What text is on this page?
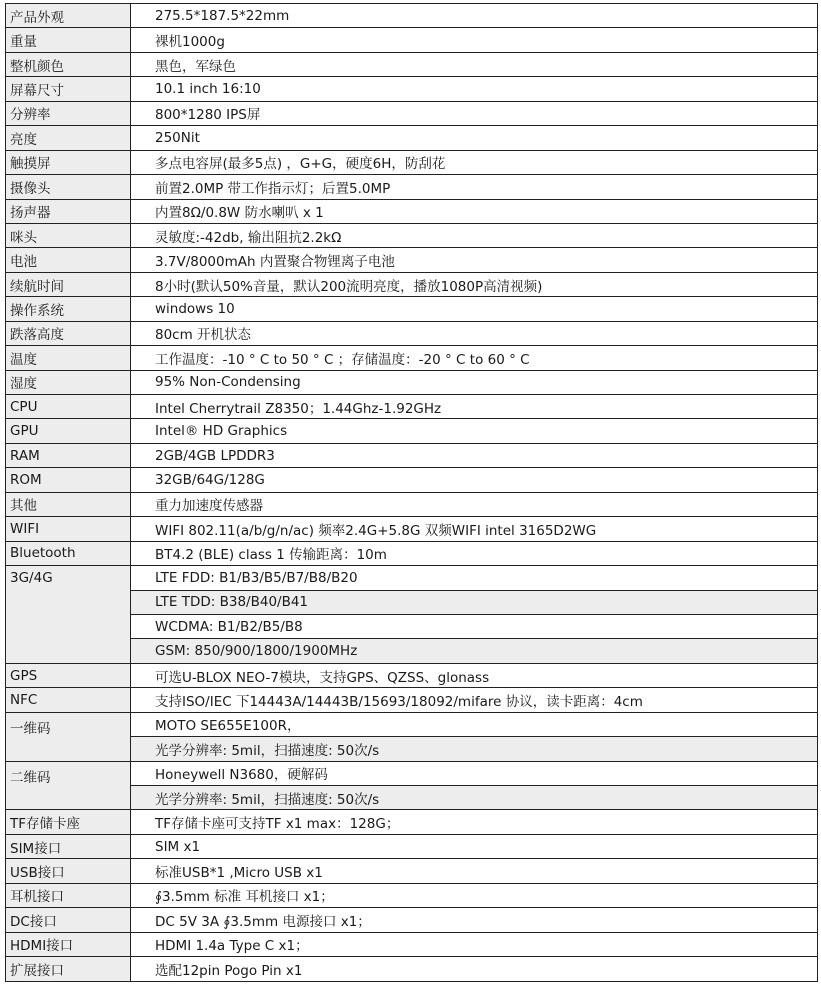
产品外观	275.5*187.5*22mm
重量	裸机1000g
整机颜色	黑色，军绿色
屏幕尺寸	10.1 inch 16:10
分辨率	800*1280 IPS屏
亮度	250Nit
触摸屏	多点电容屏(最多5点) ，G+G，硬度6H，防刮花
摄像头	前置2.0MP 带工作指示灯；后置5.0MP
扬声器	内置8Ω/0.8W 防水喇叭 x 1
咪头	灵敏度:-42db, 输出阻抗2.2kΩ
电池	3.7V/8000mAh 内置聚合物锂离子电池
续航时间	8小时(默认50%音量，默认200流明亮度，播放1080P高清视频)
操作系统	windows 10
跌落高度	80cm 开机状态
温度	工作温度：-10 ° C to 50 ° C ；存储温度：-20 ° C to 60 ° C
湿度	95% Non-Condensing
CPU	Intel Cherrytrail Z8350；1.44Ghz-1.92GHz
GPU	Intel® HD Graphics
RAM	2GB/4GB LPDDR3
ROM	32GB/64G/128G
其他	重力加速度传感器
WIFI	WIFI 802.11(a/b/g/n/ac) 频率2.4G+5.8G 双频WIFI intel 3165D2WG
Bluetooth	BT4.2 (BLE) class 1 传输距离：10m
3G/4G	LTE FDD: B1/B3/B5/B7/B8/B20
	LTE TDD: B38/B40/B41
	WCDMA: B1/B2/B5/B8
	GSM: 850/900/1800/1900MHz
GPS	可选U-BLOX NEO-7模块，支持GPS、QZSS、glonass
NFC	支持ISO/IEC 下14443A/14443B/15693/18092/mifare 协议，读卡距离：4cm
一维码	MOTO SE655E100R，
	光学分辨率: 5mil，扫描速度: 50次/s
二维码	Honeywell N3680，硬解码
	光学分辨率: 5mil，扫描速度: 50次/s
TF存储卡座	TF存储卡座可支持TF x1 max：128G；
SIM接口	SIM x1
USB接口	标准USB*1 ,Micro USB x1
耳机接口	∮3.5mm 标准 耳机接口 x1；
DC接口	DC 5V 3A ∮3.5mm 电源接口 x1；
HDMI接口	HDMI 1.4a Type C x1；
扩展接口	选配12pin Pogo Pin x1
